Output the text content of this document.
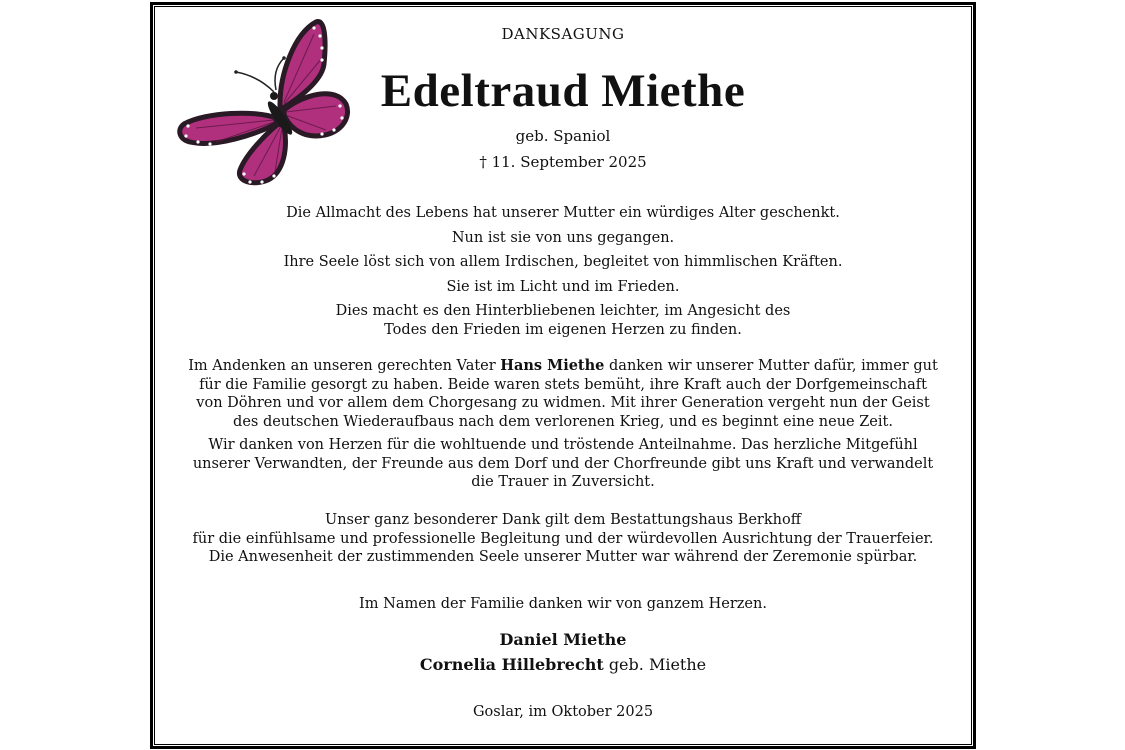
DANKSAGUNG

Edeltraud Miethe

geb. Spaniol

† 11. September 2025

Die Allmacht des Lebens hat unserer Mutter ein würdiges Alter geschenkt.
Nun ist sie von uns gegangen.
Ihre Seele löst sich von allem Irdischen, begleitet von himmlischen Kräften.
Sie ist im Licht und im Frieden.
Dies macht es den Hinterbliebenen leichter, im Angesicht des
Todes den Frieden im eigenen Herzen zu finden.

Im Andenken an unseren gerechten Vater Hans Miethe danken wir unserer Mutter dafür, immer gut
für die Familie gesorgt zu haben. Beide waren stets bemüht, ihre Kraft auch der Dorfgemeinschaft
von Döhren und vor allem dem Chorgesang zu widmen. Mit ihrer Generation vergeht nun der Geist
des deutschen Wiederaufbaus nach dem verlorenen Krieg, und es beginnt eine neue Zeit.

Wir danken von Herzen für die wohltuende und tröstende Anteilnahme. Das herzliche Mitgefühl
unserer Verwandten, der Freunde aus dem Dorf und der Chorfreunde gibt uns Kraft und verwandelt
die Trauer in Zuversicht.

Unser ganz besonderer Dank gilt dem Bestattungshaus Berkhoff
für die einfühlsame und professionelle Begleitung und der würdevollen Ausrichtung der Trauerfeier.
Die Anwesenheit der zustimmenden Seele unserer Mutter war während der Zeremonie spürbar.

Im Namen der Familie danken wir von ganzem Herzen.

Daniel Miethe

Cornelia Hillebrecht geb. Miethe

Goslar, im Oktober 2025
